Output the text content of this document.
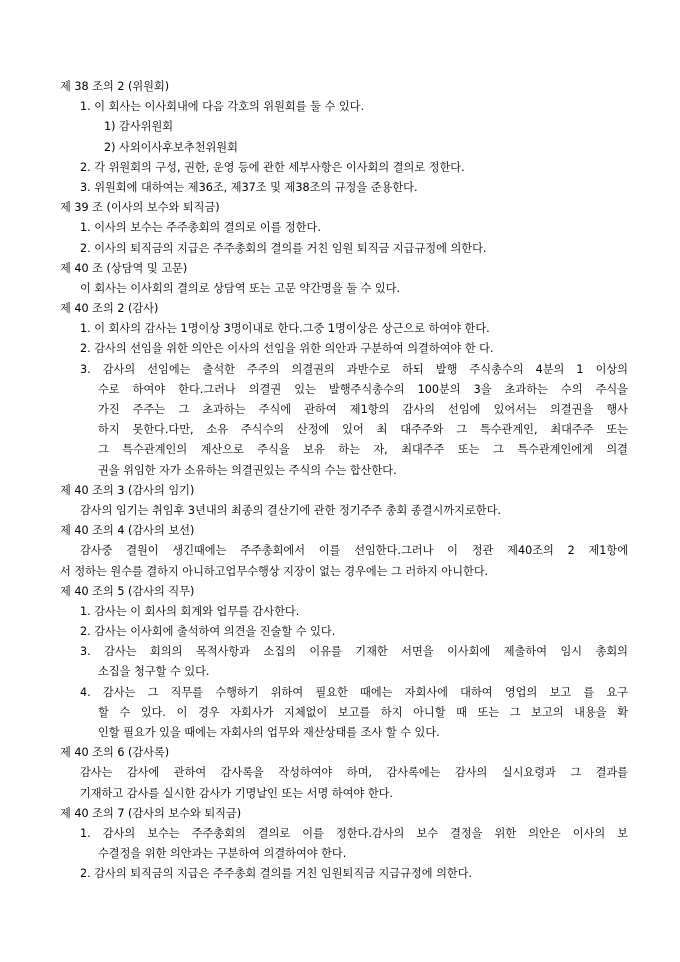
제 38 조의 2 (위원회)
1. 이 회사는 이사회내에 다음 각호의 위원회를 둘 수 있다.
1) 감사위원회
2) 사외이사후보추천위원회
2. 각 위원회의 구성, 권한, 운영 등에 관한 세부사항은 이사회의 결의로 정한다.
3. 위원회에 대하여는 제36조, 제37조 및 제38조의 규정을 준용한다.
제 39 조 (이사의 보수와 퇴직금)
1. 이사의 보수는 주주총회의 결의로 이를 정한다.
2. 이사의 퇴직금의 지급은 주주총회의 결의를 거친 임원 퇴직금 지급규정에 의한다.
제 40 조 (상담역 및 고문)
이 회사는 이사회의 결의로 상담역 또는 고문 약간명을 둘 수 있다.
제 40 조의 2 (감사)
1. 이 회사의 감사는 1명이상 3명이내로 한다.그중 1명이상은 상근으로 하여야 한다.
2. 감사의 선임을 위한 의안은 이사의 선임을 위한 의안과 구분하여 의결하여야 한 다.
3. 감사의 선임에는 출석한 주주의 의결권의 과반수로 하되 발행 주식총수의 4분의 1 이상의
수로 하여야 한다.그러나 의결권 있는 발행주식총수의 100분의 3을 초과하는 수의 주식을
가진 주주는 그 초과하는 주식에 관하여 제1항의 감사의 선임에 있어서는 의결권을 행사
하지 못한다.다만, 소유 주식수의 산정에 있어 최 대주주와 그 특수관계인, 최대주주 또는
그 특수관계인의 계산으로 주식을 보유 하는 자, 최대주주 또는 그 특수관계인에게 의결
권을 위임한 자가 소유하는 의결권있는 주식의 수는 합산한다.
제 40 조의 3 (감사의 임기)
감사의 임기는 취임후 3년내의 최종의 결산기에 관한 정기주주 총회 종결시까지로한다.
제 40 조의 4 (감사의 보선)
감사중 결원이 생긴때에는 주주총회에서 이를 선임한다.그러나 이 정관 제40조의 2 제1항에
서 정하는 원수를 결하지 아니하고업무수행상 지장이 없는 경우에는 그 러하지 아니한다.
제 40 조의 5 (감사의 직무)
1. 감사는 이 회사의 회계와 업무를 감사한다.
2. 감사는 이사회에 출석하여 의견을 진술할 수 있다.
3. 감사는 회의의 목적사항과 소집의 이유를 기재한 서면을 이사회에 제출하여 임시 총회의
소집을 청구할 수 있다.
4. 감사는 그 직무를 수행하기 위하여 필요한 때에는 자회사에 대하여 영업의 보고 를 요구
할 수 있다. 이 경우 자회사가 지체없이 보고를 하지 아니할 때 또는 그 보고의 내용을 확
인할 필요가 있을 때에는 자회사의 업무와 재산상태를 조사 할 수 있다.
제 40 조의 6 (감사록)
감사는 감사에 관하여 감사록을 작성하여야 하며, 감사록에는 감사의 실시요령과 그 결과를
기재하고 감사를 실시한 감사가 기명날인 또는 서명 하여야 한다.
제 40 조의 7 (감사의 보수와 퇴직금)
1. 감사의 보수는 주주총회의 결의로 이를 정한다.감사의 보수 결정을 위한 의안은 이사의 보
수결정을 위한 의안과는 구분하여 의결하여야 한다.
2. 감사의 퇴직금의 지급은 주주총회 결의를 거친 임원퇴직금 지급규정에 의한다.
